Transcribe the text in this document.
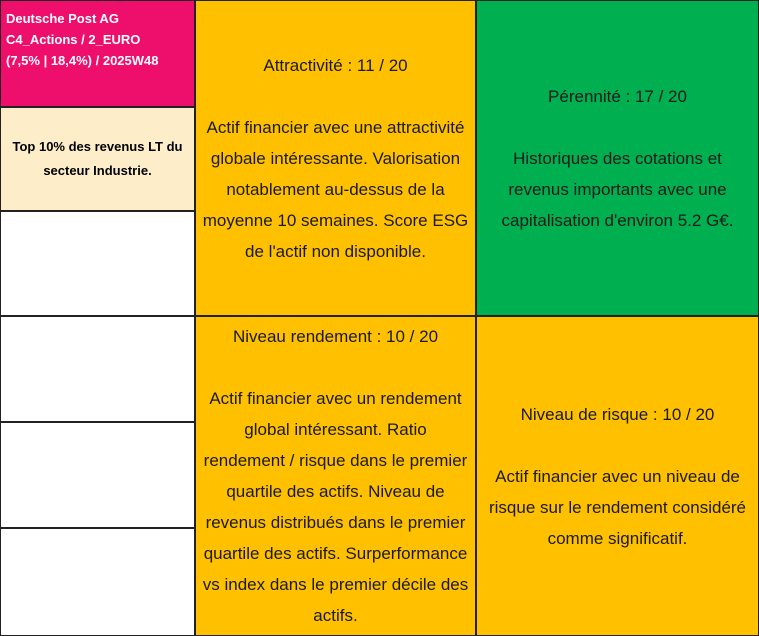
Deutsche Post AG
C4_Actions / 2_EURO
(7,5% | 18,4%) / 2025W48
Top 10% des revenus LT du secteur Industrie.
Attractivité : 11 / 20
Actif financier avec une attractivité globale intéressante. Valorisation notablement au-dessus de la moyenne 10 semaines. Score ESG de l'actif non disponible.
Pérennité : 17 / 20
Historiques des cotations et revenus importants avec une capitalisation d'environ 5.2 G€.
Niveau rendement : 10 / 20
Actif financier avec un rendement global intéressant. Ratio rendement / risque dans le premier quartile des actifs. Niveau de revenus distribués dans le premier quartile des actifs. Surperformance vs index dans le premier décile des actifs.
Niveau de risque : 10 / 20
Actif financier avec un niveau de risque sur le rendement considéré comme significatif.
